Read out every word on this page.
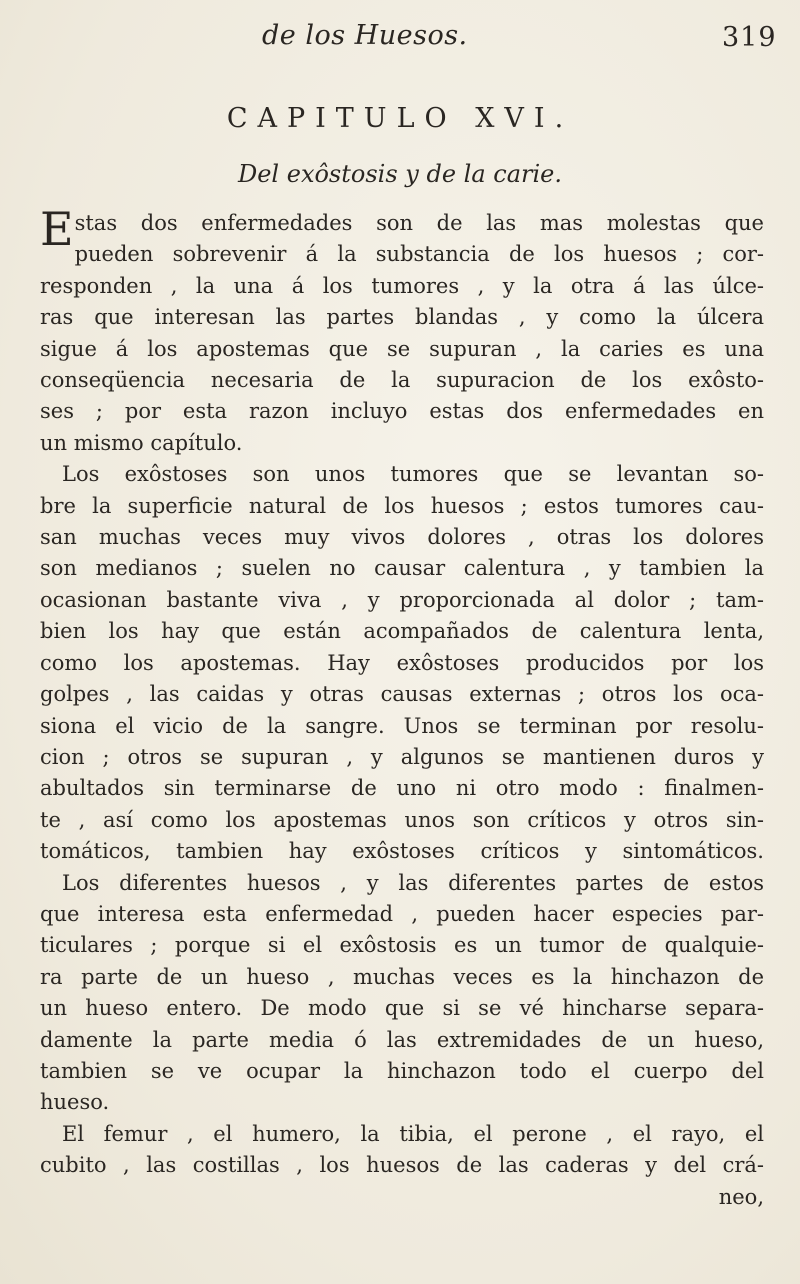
de los Huesos.	319
CAPITULO XVI.
Del exôstosis y de la carie.
E stas dos enfermedades son de las mas molestas que
pueden sobrevenir á la substancia de los huesos ; cor-
responden , la una á los tumores , y la otra á las úlce-
ras que interesan las partes blandas , y como la úlcera
sigue á los apostemas que se supuran , la caries es una
conseqüencia necesaria de la supuracion de los exôsto-
ses ; por esta razon incluyo estas dos enfermedades en
un mismo capítulo.
Los exôstoses son unos tumores que se levantan so-
bre la superficie natural de los huesos ; estos tumores cau-
san muchas veces muy vivos dolores , otras los dolores
son medianos ; suelen no causar calentura , y tambien la
ocasionan bastante viva , y proporcionada al dolor ; tam-
bien los hay que están acompañados de calentura lenta,
como los apostemas. Hay exôstoses producidos por los
golpes , las caidas y otras causas externas ; otros los oca-
siona el vicio de la sangre. Unos se terminan por resolu-
cion ; otros se supuran , y algunos se mantienen duros y
abultados sin terminarse de uno ni otro modo : finalmen-
te , así como los apostemas unos son críticos y otros sin-
tomáticos, tambien hay exôstoses críticos y sintomáticos.
Los diferentes huesos , y las diferentes partes de estos
que interesa esta enfermedad , pueden hacer especies par-
ticulares ; porque si el exôstosis es un tumor de qualquie-
ra parte de un hueso , muchas veces es la hinchazon de
un hueso entero. De modo que si se vé hincharse separa-
damente la parte media ó las extremidades de un hueso,
tambien se ve ocupar la hinchazon todo el cuerpo del
hueso.
El femur , el humero, la tibia, el perone , el rayo, el
cubito , las costillas , los huesos de las caderas y del crá-
neo,
